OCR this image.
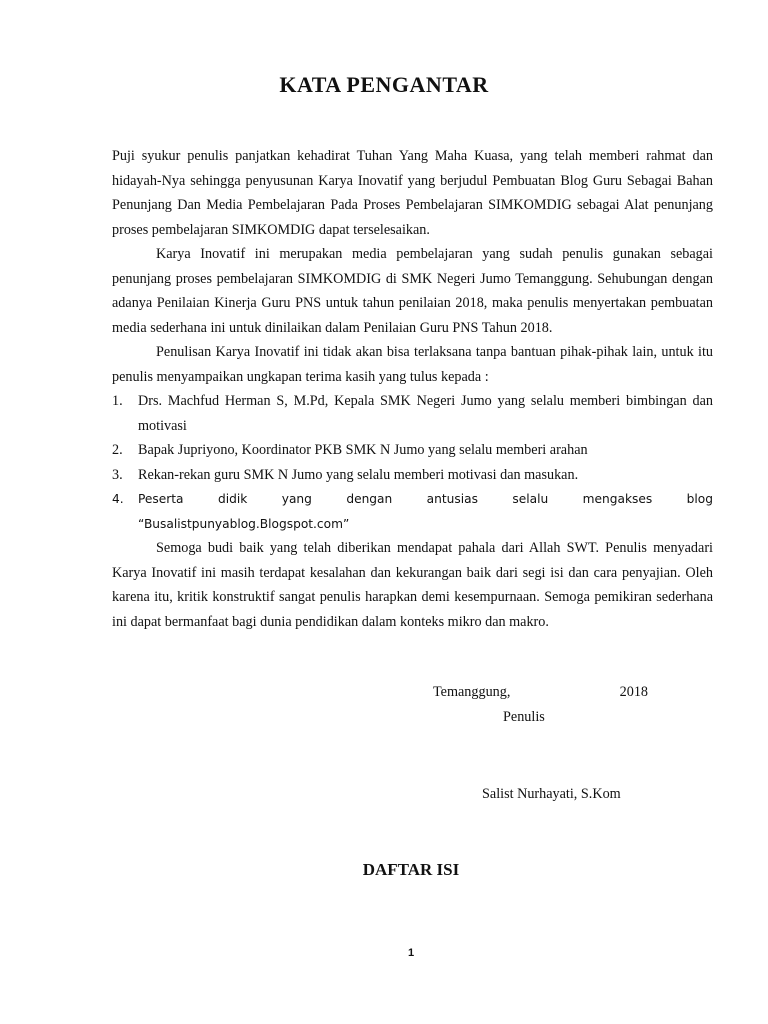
KATA PENGANTAR

Puji syukur penulis panjatkan kehadirat Tuhan Yang Maha Kuasa, yang telah memberi rahmat dan hidayah-Nya sehingga penyusunan Karya Inovatif yang berjudul Pembuatan Blog Guru Sebagai Bahan Penunjang Dan Media Pembelajaran Pada Proses Pembelajaran SIMKOMDIG sebagai Alat penunjang proses pembelajaran SIMKOMDIG dapat terselesaikan.

Karya Inovatif ini merupakan media pembelajaran yang sudah penulis gunakan sebagai penunjang proses pembelajaran SIMKOMDIG di SMK Negeri Jumo Temanggung. Sehubungan dengan adanya Penilaian Kinerja Guru PNS untuk tahun penilaian 2018, maka penulis menyertakan pembuatan media sederhana ini untuk dinilaikan dalam Penilaian Guru PNS Tahun 2018.

Penulisan Karya Inovatif ini tidak akan bisa terlaksana tanpa bantuan pihak-pihak lain, untuk itu penulis menyampaikan ungkapan terima kasih yang tulus kepada :

1. Drs. Machfud Herman S, M.Pd, Kepala SMK Negeri Jumo yang selalu memberi bimbingan dan motivasi
2. Bapak Jupriyono, Koordinator PKB SMK N Jumo yang selalu memberi arahan
3. Rekan-rekan guru SMK N Jumo yang selalu memberi motivasi dan masukan.
4. Peserta didik yang dengan antusias selalu mengakses blog “Busalistpunyablog.Blogspot.com”

Semoga budi baik yang telah diberikan mendapat pahala dari Allah SWT. Penulis menyadari Karya Inovatif ini masih terdapat kesalahan dan kekurangan baik dari segi isi dan cara penyajian. Oleh karena itu, kritik konstruktif sangat penulis harapkan demi kesempurnaan. Semoga pemikiran sederhana ini dapat bermanfaat bagi dunia pendidikan dalam konteks mikro dan makro.

Temanggung,	2018
Penulis
Salist Nurhayati, S.Kom
DAFTAR ISI
1
